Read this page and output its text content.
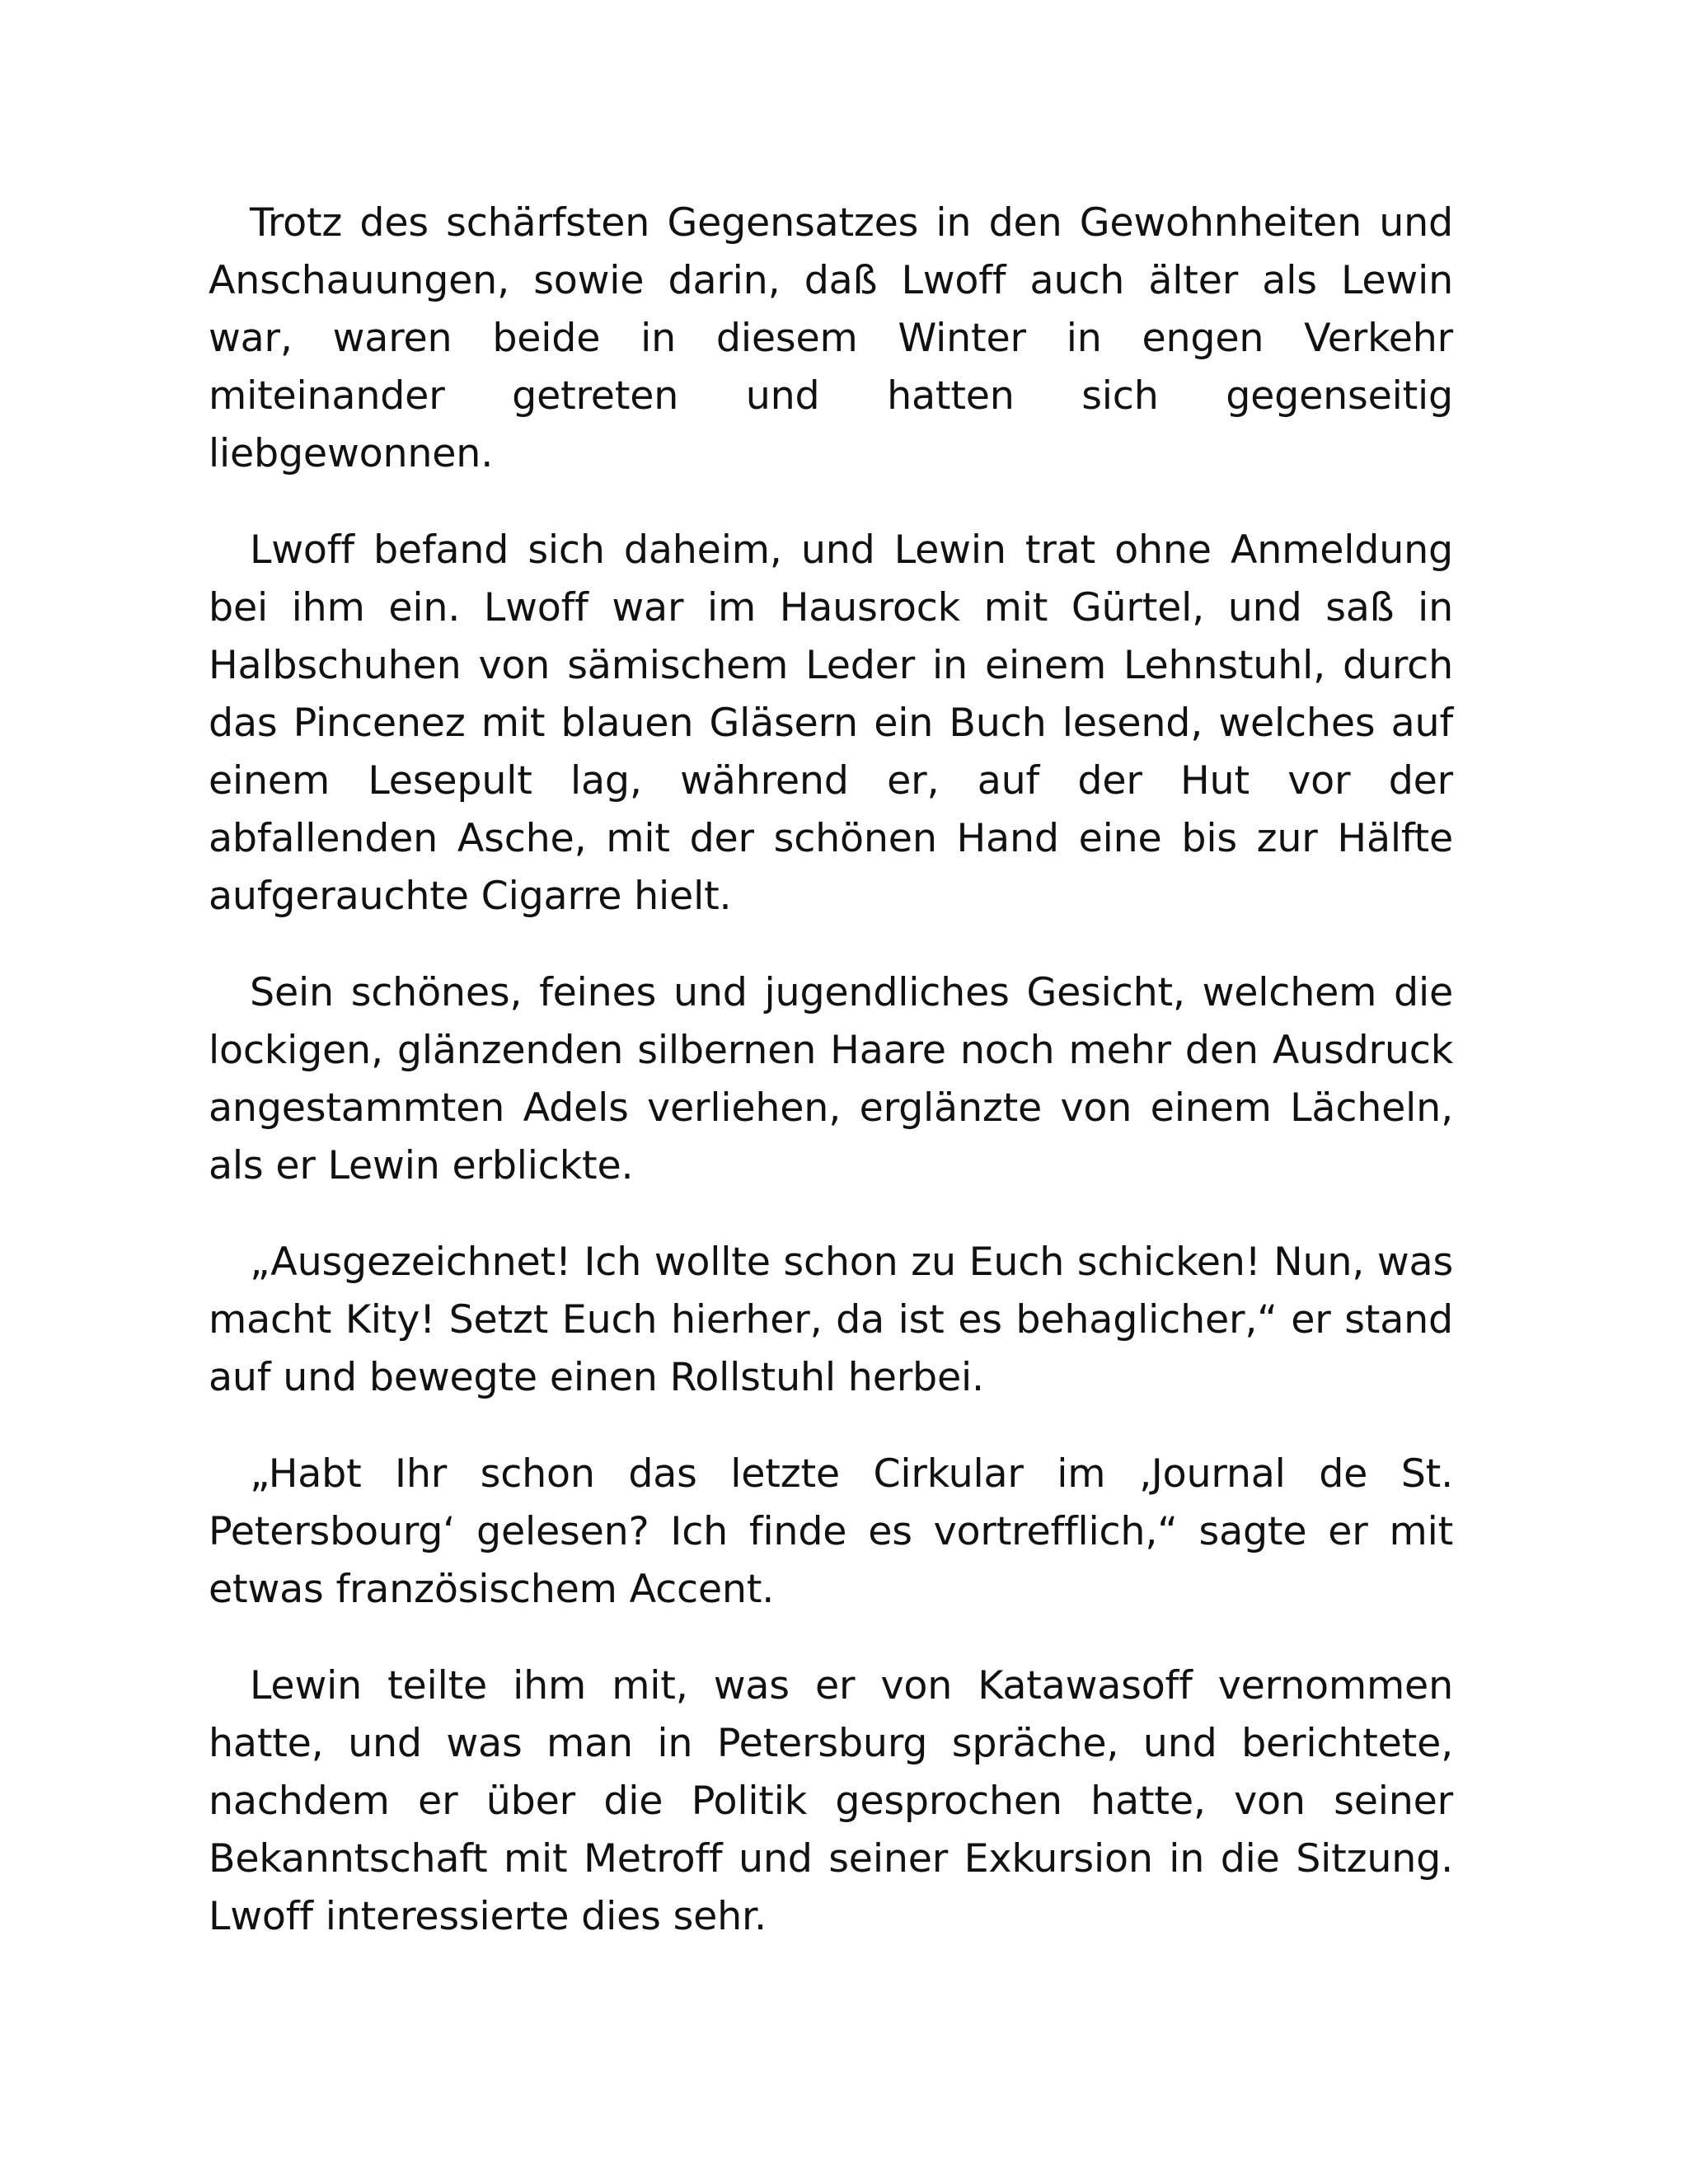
Trotz des schärfsten Gegensatzes in den Gewohnheiten und Anschauungen, sowie darin, daß Lwoff auch älter als Lewin war, waren beide in diesem Winter in engen Verkehr miteinander getreten und hatten sich gegenseitig liebgewonnen.

Lwoff befand sich daheim, und Lewin trat ohne Anmeldung bei ihm ein. Lwoff war im Hausrock mit Gürtel, und saß in Halbschuhen von sämischem Leder in einem Lehnstuhl, durch das Pincenez mit blauen Gläsern ein Buch lesend, welches auf einem Lesepult lag, während er, auf der Hut vor der abfallenden Asche, mit der schönen Hand eine bis zur Hälfte aufgerauchte Cigarre hielt.

Sein schönes, feines und jugendliches Gesicht, welchem die lockigen, glänzenden silbernen Haare noch mehr den Ausdruck angestammten Adels verliehen, erglänzte von einem Lächeln, als er Lewin erblickte.

„Ausgezeichnet! Ich wollte schon zu Euch schicken! Nun, was macht Kity! Setzt Euch hierher, da ist es behaglicher,“ er stand auf und bewegte einen Rollstuhl herbei.

„Habt Ihr schon das letzte Cirkular im ‚Journal de St. Petersbourg‘ gelesen? Ich finde es vortrefflich,“ sagte er mit etwas französischem Accent.

Lewin teilte ihm mit, was er von Katawasoff vernommen hatte, und was man in Petersburg spräche, und berichtete, nachdem er über die Politik gesprochen hatte, von seiner Bekanntschaft mit Metroff und seiner Exkursion in die Sitzung. Lwoff interessierte dies sehr.
